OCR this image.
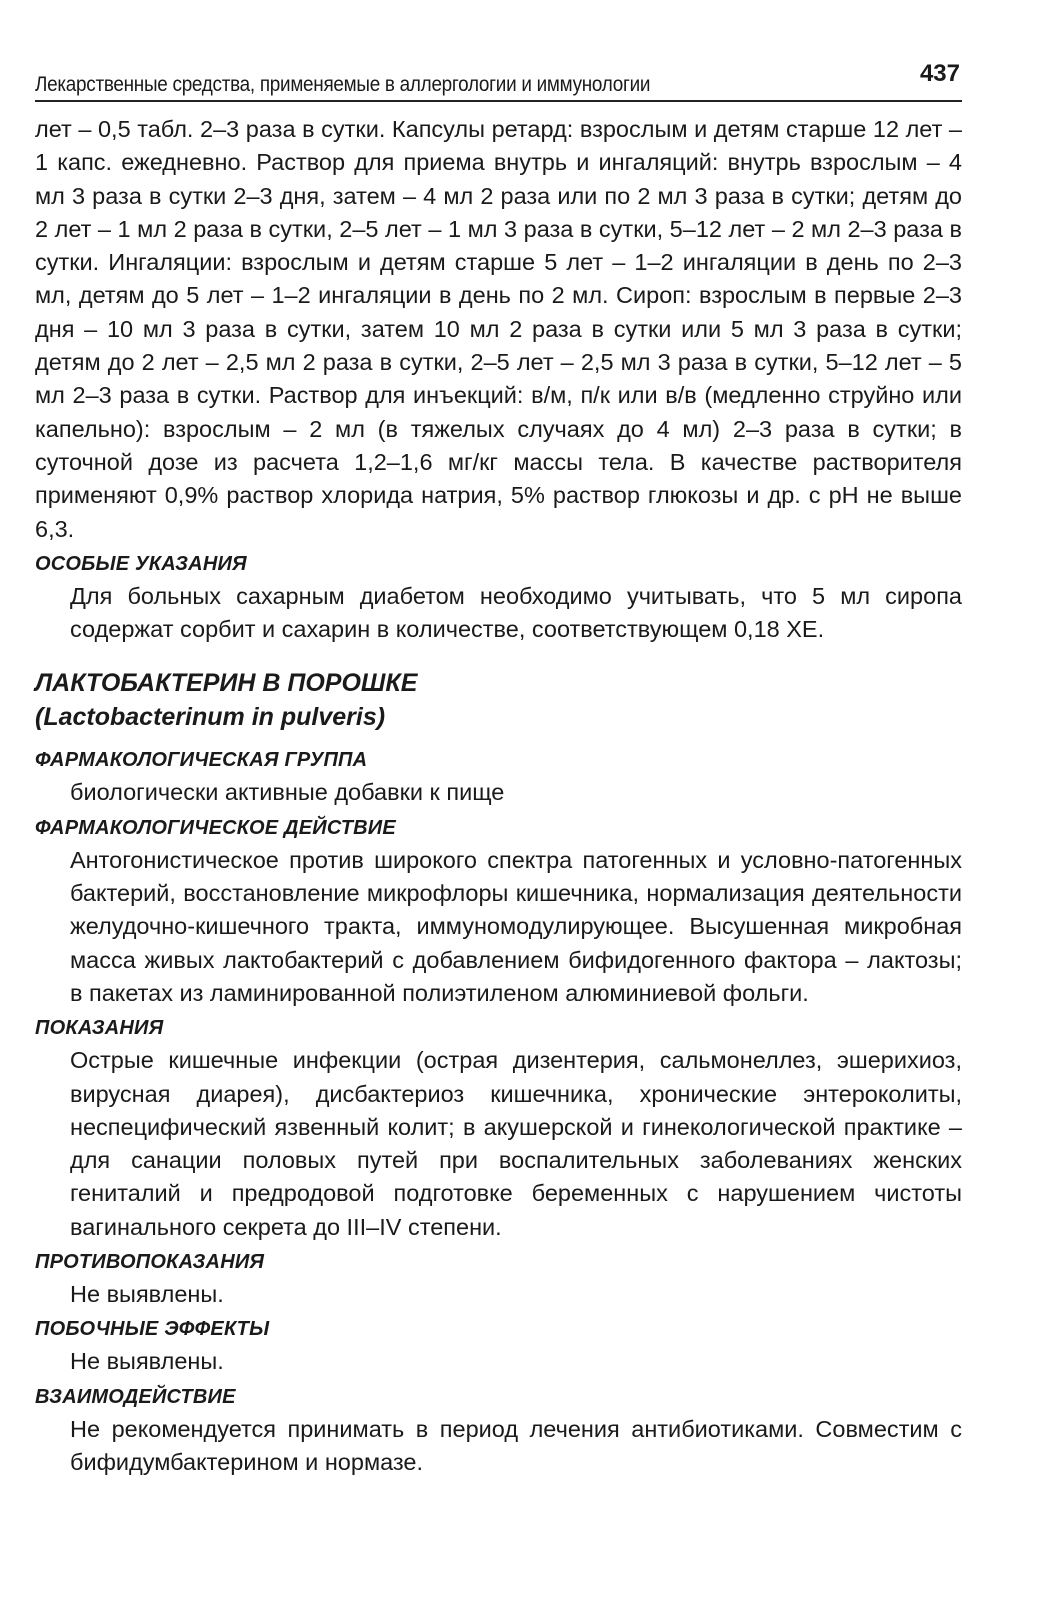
Лекарственные средства, применяемые в аллергологии и иммунологии	437

лет – 0,5 табл. 2–3 раза в сутки. Капсулы ретард: взрослым и детям старше 12 лет – 1 капс. ежедневно. Раствор для приема внутрь и ингаляций: внутрь взрослым – 4 мл 3 раза в сутки 2–3 дня, затем – 4 мл 2 раза или по 2 мл 3 раза в сутки; детям до 2 лет – 1 мл 2 раза в сутки, 2–5 лет – 1 мл 3 раза в сутки, 5–12 лет – 2 мл 2–3 раза в сутки. Ингаляции: взрослым и детям старше 5 лет – 1–2 ингаляции в день по 2–3 мл, детям до 5 лет – 1–2 ингаляции в день по 2 мл. Сироп: взрослым в первые 2–3 дня – 10 мл 3 раза в сутки, затем 10 мл 2 раза в сутки или 5 мл 3 раза в сутки; детям до 2 лет – 2,5 мл 2 раза в сутки, 2–5 лет – 2,5 мл 3 раза в сутки, 5–12 лет – 5 мл 2–3 раза в сутки. Раствор для инъекций: в/м, п/к или в/в (медленно струйно или капельно): взрослым – 2 мл (в тяжелых случаях до 4 мл) 2–3 раза в сутки; в суточной дозе из расчета 1,2–1,6 мг/кг массы тела. В качестве растворителя применяют 0,9% раствор хлорида натрия, 5% раствор глюкозы и др. с pH не выше 6,3.

ОСОБЫЕ УКАЗАНИЯ

Для больных сахарным диабетом необходимо учитывать, что 5 мл сиропа содержат сорбит и сахарин в количестве, соответствующем 0,18 ХЕ.

ЛАКТОБАКТЕРИН В ПОРОШКЕ
(Lactobacterinum in pulveris)
ФАРМАКОЛОГИЧЕСКАЯ ГРУППА

биологически активные добавки к пище

ФАРМАКОЛОГИЧЕСКОЕ ДЕЙСТВИЕ

Антогонистическое против широкого спектра патогенных и условно-патогенных бактерий, восстановление микрофлоры кишечника, нормализация деятельности желудочно-кишечного тракта, иммуномодулирующее. Высушенная микробная масса живых лактобактерий с добавлением бифидогенного фактора – лактозы; в пакетах из ламинированной полиэтиленом алюминиевой фольги.

ПОКАЗАНИЯ

Острые кишечные инфекции (острая дизентерия, сальмонеллез, эшерихиоз, вирусная диарея), дисбактериоз кишечника, хронические энтероколиты, неспецифический язвенный колит; в акушерской и гинекологической практике – для санации половых путей при воспалительных заболеваниях женских гениталий и предродовой подготовке беременных с нарушением чистоты вагинального секрета до III–IV степени.

ПРОТИВОПОКАЗАНИЯ

Не выявлены.

ПОБОЧНЫЕ ЭФФЕКТЫ

Не выявлены.

ВЗАИМОДЕЙСТВИЕ

Не рекомендуется принимать в период лечения антибиотиками. Совместим с бифидумбактерином и нормазе.
